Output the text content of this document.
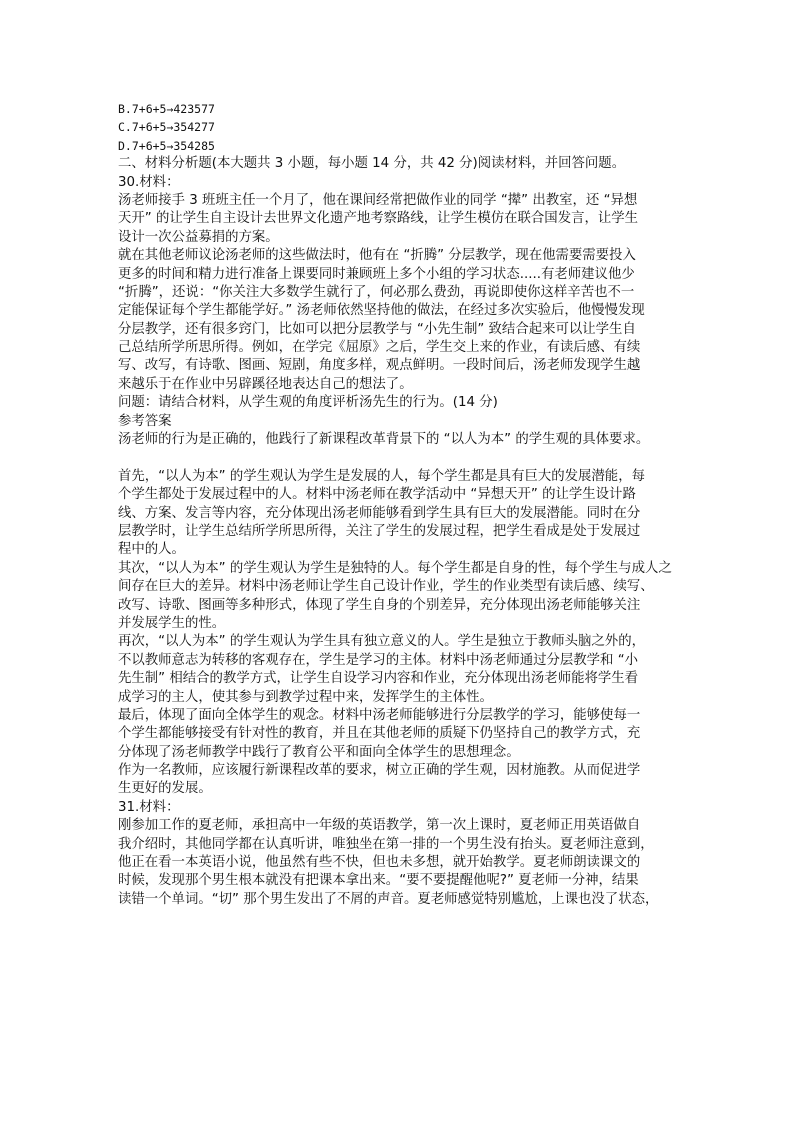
B.7+6+5→423577
C.7+6+5→354277
D.7+6+5→354285
二、材料分析题(本大题共 3 小题，每小题 14 分，共 42 分)阅读材料，并回答问题。
30.材料：
汤老师接手 3 班班主任一个月了，他在课间经常把做作业的同学 “撵” 出教室，还 “异想
天开” 的让学生自主设计去世界文化遗产地考察路线，让学生模仿在联合国发言，让学生
设计一次公益募捐的方案。
就在其他老师议论汤老师的这些做法时，他有在 “折腾” 分层教学，现在他需要需要投入
更多的时间和精力进行准备上课要同时兼顾班上多个小组的学习状态.....有老师建议他少
“折腾”，还说：“你关注大多数学生就行了，何必那么费劲，再说即使你这样辛苦也不一
定能保证每个学生都能学好。” 汤老师依然坚持他的做法，在经过多次实验后，他慢慢发现
分层教学，还有很多窍门，比如可以把分层教学与 “小先生制” 致结合起来可以让学生自
己总结所学所思所得。例如，在学完《屈原》之后，学生交上来的作业，有读后感、有续
写、改写，有诗歌、图画、短剧，角度多样，观点鲜明。一段时间后，汤老师发现学生越
来越乐于在作业中另辟蹊径地表达自己的想法了。
问题：请结合材料，从学生观的角度评析汤先生的行为。(14 分)
参考答案
汤老师的行为是正确的，他践行了新课程改革背景下的 “以人为本” 的学生观的具体要求。
首先，“以人为本” 的学生观认为学生是发展的人，每个学生都是具有巨大的发展潜能，每
个学生都处于发展过程中的人。材料中汤老师在教学活动中 “异想天开” 的让学生设计路
线、方案、发言等内容，充分体现出汤老师能够看到学生具有巨大的发展潜能。同时在分
层教学时，让学生总结所学所思所得，关注了学生的发展过程，把学生看成是处于发展过
程中的人。
其次，“以人为本” 的学生观认为学生是独特的人。每个学生都是自身的性，每个学生与成人之
间存在巨大的差异。材料中汤老师让学生自己设计作业，学生的作业类型有读后感、续写、
改写、诗歌、图画等多种形式，体现了学生自身的个别差异，充分体现出汤老师能够关注
并发展学生的性。
再次，“以人为本” 的学生观认为学生具有独立意义的人。学生是独立于教师头脑之外的，
不以教师意志为转移的客观存在，学生是学习的主体。材料中汤老师通过分层教学和 “小
先生制” 相结合的教学方式，让学生自设学习内容和作业，充分体现出汤老师能将学生看
成学习的主人，使其参与到教学过程中来，发挥学生的主体性。
最后，体现了面向全体学生的观念。材料中汤老师能够进行分层教学的学习，能够使每一
个学生都能够接受有针对性的教育，并且在其他老师的质疑下仍坚持自己的教学方式，充
分体现了汤老师教学中践行了教育公平和面向全体学生的思想理念。
作为一名教师，应该履行新课程改革的要求，树立正确的学生观，因材施教。从而促进学
生更好的发展。
31.材料：
刚参加工作的夏老师，承担高中一年级的英语教学，第一次上课时，夏老师正用英语做自
我介绍时，其他同学都在认真听讲，唯独坐在第一排的一个男生没有抬头。夏老师注意到，
他正在看一本英语小说，他虽然有些不快，但也未多想，就开始教学。夏老师朗读课文的
时候，发现那个男生根本就没有把课本拿出来。“要不要提醒他呢?” 夏老师一分神，结果
读错一个单词。“切” 那个男生发出了不屑的声音。夏老师感觉特别尴尬，上课也没了状态，
